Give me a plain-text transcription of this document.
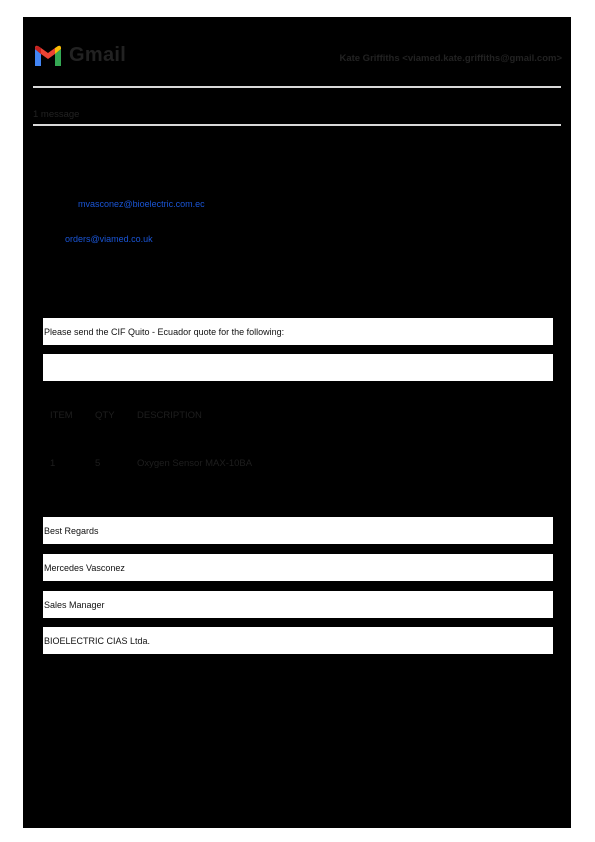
Gmail	Kate Griffiths <viamed.kate.griffiths@gmail.com>
1 message
mvasconez@bioelectric.com.ec
orders@viamed.co.uk
Please send the CIF Quito - Ecuador quote for the following:
ITEM QTY DESCRIPTION
1	5	Oxygen Sensor MAX-10BA
Best Regards
Mercedes Vasconez
Sales Manager
BIOELECTRIC CIAS Ltda.
